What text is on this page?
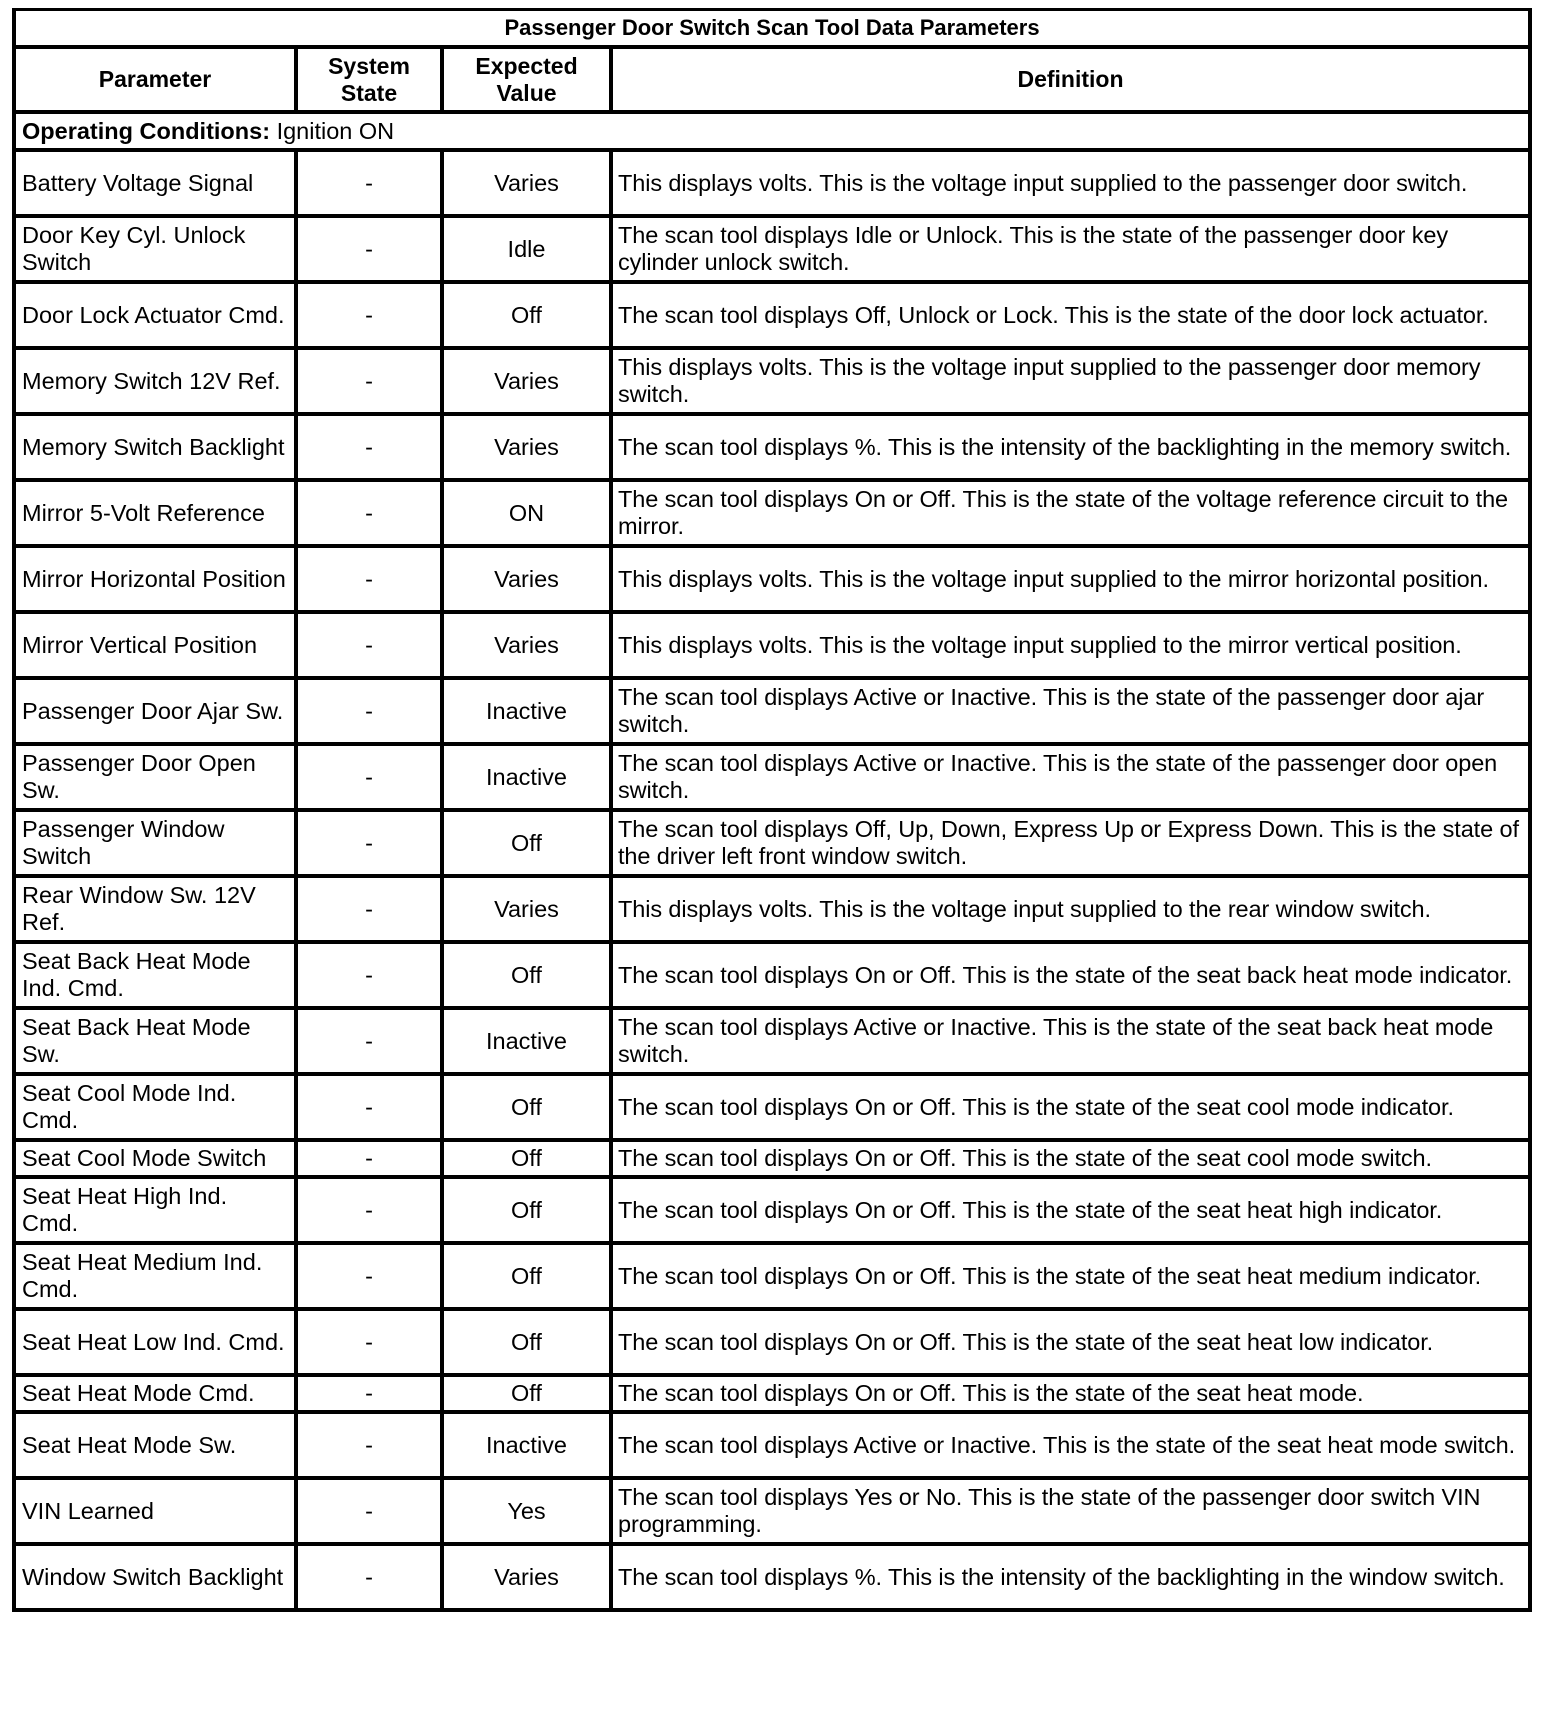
Passenger Door Switch Scan Tool Data Parameters			
Parameter	System State	Expected Value	Definition
Operating Conditions: Ignition ON			
Battery Voltage Signal	-	Varies	This displays volts. This is the voltage input supplied to the passenger door switch.
Door Key Cyl. Unlock Switch	-	Idle	The scan tool displays Idle or Unlock. This is the state of the passenger door key cylinder unlock switch.
Door Lock Actuator Cmd.	-	Off	The scan tool displays Off, Unlock or Lock. This is the state of the door lock actuator.
Memory Switch 12V Ref.	-	Varies	This displays volts. This is the voltage input supplied to the passenger door memory switch.
Memory Switch Backlight	-	Varies	The scan tool displays %. This is the intensity of the backlighting in the memory switch.
Mirror 5-Volt Reference	-	ON	The scan tool displays On or Off. This is the state of the voltage reference circuit to the mirror.
Mirror Horizontal Position	-	Varies	This displays volts. This is the voltage input supplied to the mirror horizontal position.
Mirror Vertical Position	-	Varies	This displays volts. This is the voltage input supplied to the mirror vertical position.
Passenger Door Ajar Sw.	-	Inactive	The scan tool displays Active or Inactive. This is the state of the passenger door ajar switch.
Passenger Door Open Sw.	-	Inactive	The scan tool displays Active or Inactive. This is the state of the passenger door open switch.
Passenger Window Switch	-	Off	The scan tool displays Off, Up, Down, Express Up or Express Down. This is the state of the driver left front window switch.
Rear Window Sw. 12V Ref.	-	Varies	This displays volts. This is the voltage input supplied to the rear window switch.
Seat Back Heat Mode Ind. Cmd.	-	Off	The scan tool displays On or Off. This is the state of the seat back heat mode indicator.
Seat Back Heat Mode Sw.	-	Inactive	The scan tool displays Active or Inactive. This is the state of the seat back heat mode switch.
Seat Cool Mode Ind. Cmd.	-	Off	The scan tool displays On or Off. This is the state of the seat cool mode indicator.
Seat Cool Mode Switch	-	Off	The scan tool displays On or Off. This is the state of the seat cool mode switch.
Seat Heat High Ind. Cmd.	-	Off	The scan tool displays On or Off. This is the state of the seat heat high indicator.
Seat Heat Medium Ind. Cmd.	-	Off	The scan tool displays On or Off. This is the state of the seat heat medium indicator.
Seat Heat Low Ind. Cmd.	-	Off	The scan tool displays On or Off. This is the state of the seat heat low indicator.
Seat Heat Mode Cmd.	-	Off	The scan tool displays On or Off. This is the state of the seat heat mode.
Seat Heat Mode Sw.	-	Inactive	The scan tool displays Active or Inactive. This is the state of the seat heat mode switch.
VIN Learned	-	Yes	The scan tool displays Yes or No. This is the state of the passenger door switch VIN programming.
Window Switch Backlight	-	Varies	The scan tool displays %. This is the intensity of the backlighting in the window switch.
